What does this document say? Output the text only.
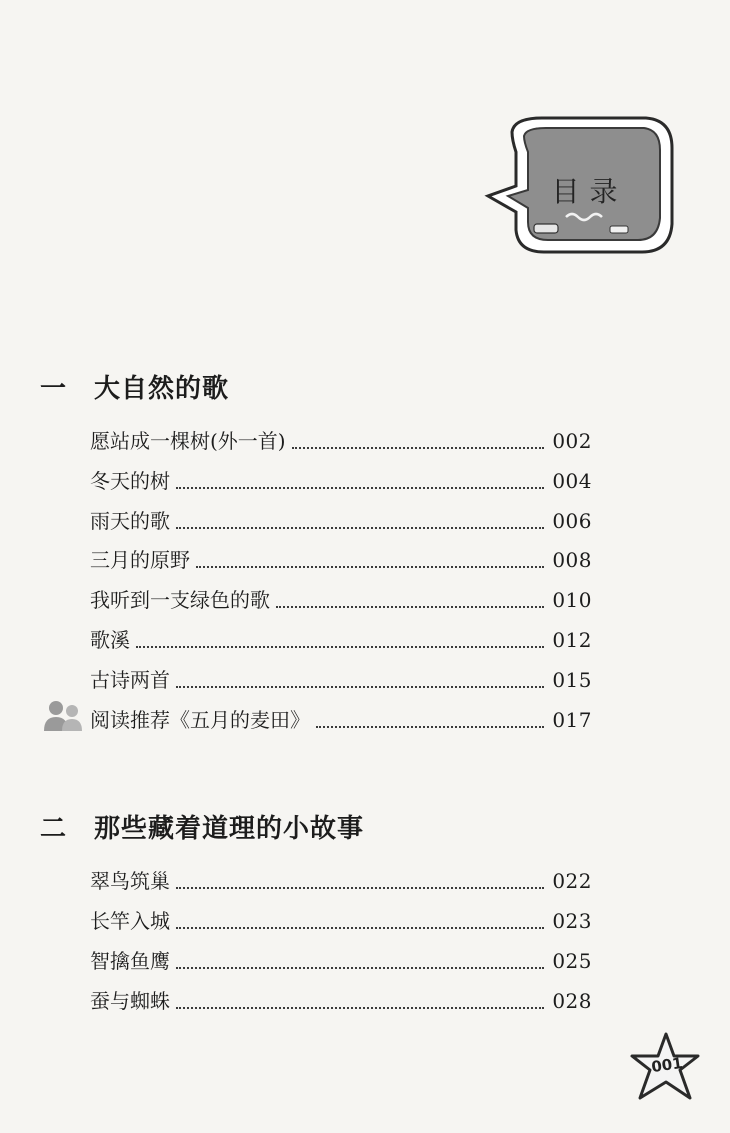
目录
一 大自然的歌
愿站成一棵树(外一首)	002
冬天的树	004
雨天的歌	006
三月的原野	008
我听到一支绿色的歌	010
歌溪	012
古诗两首	015
阅读推荐《五月的麦田》	017
二 那些藏着道理的小故事
翠鸟筑巢	022
长竿入城	023
智擒鱼鹰	025
蚕与蜘蛛	028
001
